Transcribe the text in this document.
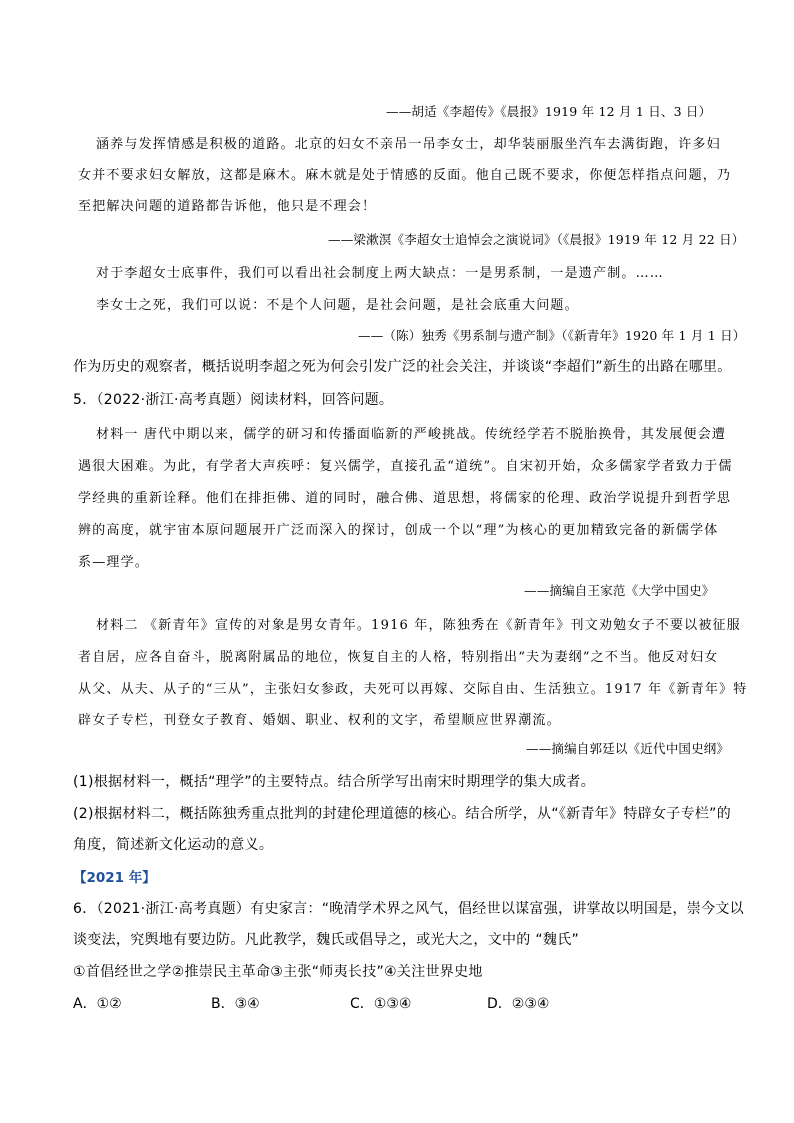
——胡适《李超传》《晨报》1919 年 12 月 1 日、3 日）
涵养与发挥情感是积极的道路。北京的妇女不亲吊一吊李女士，却华装丽服坐汽车去满街跑，许多妇
女并不要求妇女解放，这都是麻木。麻木就是处于情感的反面。他自己既不要求，你便怎样指点问题，乃
至把解决问题的道路都告诉他，他只是不理会！
——梁漱溟《李超女士追悼会之演说词》（《晨报》1919 年 12 月 22 日）
对于李超女士底事件，我们可以看出社会制度上两大缺点：一是男系制，一是遗产制。……
李女士之死，我们可以说：不是个人问题，是社会问题，是社会底重大问题。
——（陈）独秀《男系制与遗产制》（《新青年》1920 年 1 月 1 日）
作为历史的观察者，概括说明李超之死为何会引发广泛的社会关注，并谈谈“李超们”新生的出路在哪里。
5．（2022·浙江·高考真题）阅读材料，回答问题。
材料一 唐代中期以来，儒学的研习和传播面临新的严峻挑战。传统经学若不脱胎换骨，其发展便会遭
遇很大困难。为此，有学者大声疾呼：复兴儒学，直接孔孟“道统”。自宋初开始，众多儒家学者致力于儒
学经典的重新诠释。他们在排拒佛、道的同时，融合佛、道思想，将儒家的伦理、政治学说提升到哲学思
辨的高度，就宇宙本原问题展开广泛而深入的探讨，创成一个以“理”为核心的更加精致完备的新儒学体
系—理学。
——摘编自王家范《大学中国史》
材料二 《新青年》宣传的对象是男女青年。1916 年，陈独秀在《新青年》刊文劝勉女子不要以被征服
者自居，应各自奋斗，脱离附属品的地位，恢复自主的人格，特别指出“夫为妻纲”之不当。他反对妇女
从父、从夫、从子的“三从”，主张妇女参政，夫死可以再嫁、交际自由、生活独立。1917 年《新青年》特
辟女子专栏，刊登女子教育、婚姻、职业、权利的文字，希望顺应世界潮流。
——摘编自郭廷以《近代中国史纲》
(1)根据材料一，概括“理学”的主要特点。结合所学写出南宋时期理学的集大成者。
(2)根据材料二，概括陈独秀重点批判的封建伦理道德的核心。结合所学，从“《新青年》特辟女子专栏”的
角度，简述新文化运动的意义。
【2021 年】
6．（2021·浙江·高考真题）有史家言：“晚清学术界之风气，倡经世以谋富强，讲掌故以明国是，崇今文以
谈变法，究舆地有要边防。凡此教学，魏氏或倡导之，或光大之，文中的 “魏氏”
①首倡经世之学②推崇民主革命③主张“师夷长技”④关注世界史地
A．①②	B．③④	C．①③④	D．②③④
